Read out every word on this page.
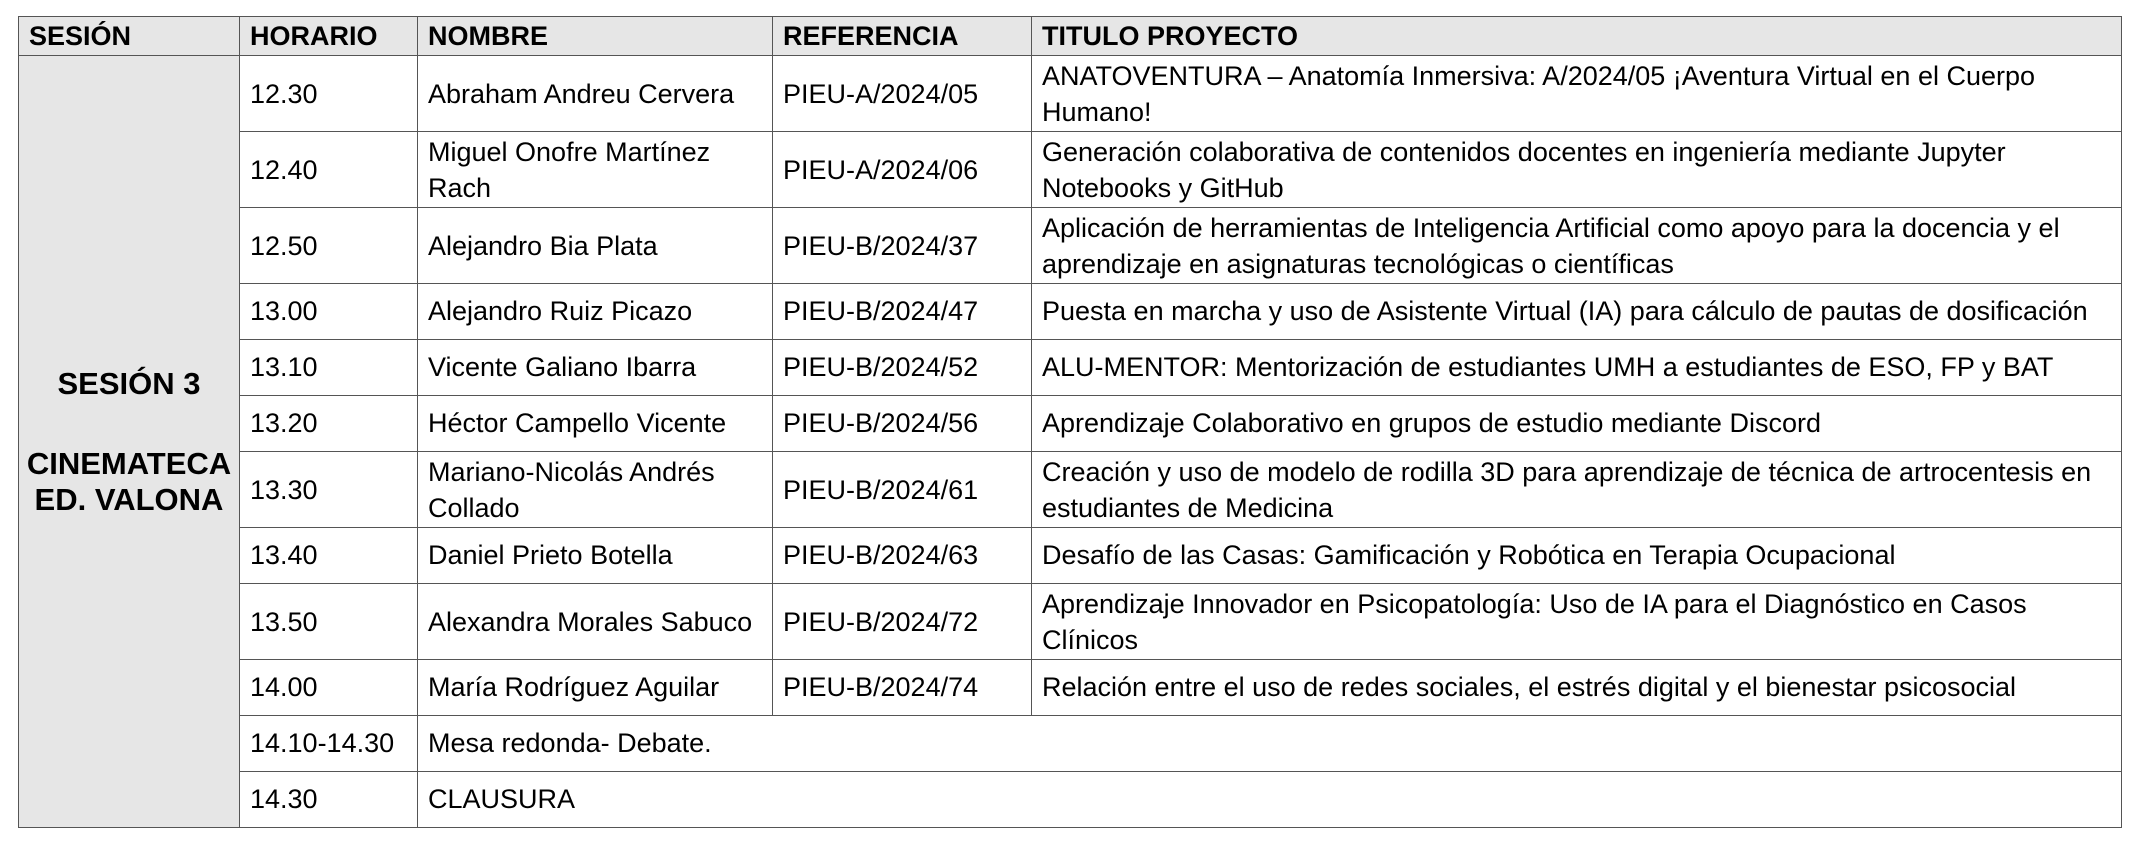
SESIÓN	HORARIO	NOMBRE	REFERENCIA	TITULO PROYECTO

SESIÓN 3
CINEMATECA
ED. VALONA	12.30	Abraham Andreu Cervera	PIEU-A/2024/05	ANATOVENTURA – Anatomía Inmersiva: A/2024/05 ¡Aventura Virtual en el Cuerpo Humano!
	12.40	Miguel Onofre Martínez Rach	PIEU-A/2024/06	Generación colaborativa de contenidos docentes en ingeniería mediante Jupyter Notebooks y GitHub
	12.50	Alejandro Bia Plata	PIEU-B/2024/37	Aplicación de herramientas de Inteligencia Artificial como apoyo para la docencia y el aprendizaje en asignaturas tecnológicas o científicas
	13.00	Alejandro Ruiz Picazo	PIEU-B/2024/47	Puesta en marcha y uso de Asistente Virtual (IA) para cálculo de pautas de dosificación
	13.10	Vicente Galiano Ibarra	PIEU-B/2024/52	ALU-MENTOR: Mentorización de estudiantes UMH a estudiantes de ESO, FP y BAT
	13.20	Héctor Campello Vicente	PIEU-B/2024/56	Aprendizaje Colaborativo en grupos de estudio mediante Discord
	13.30	Mariano-Nicolás Andrés Collado	PIEU-B/2024/61	Creación y uso de modelo de rodilla 3D para aprendizaje de técnica de artrocentesis en estudiantes de Medicina
	13.40	Daniel Prieto Botella	PIEU-B/2024/63	Desafío de las Casas: Gamificación y Robótica en Terapia Ocupacional
	13.50	Alexandra Morales Sabuco	PIEU-B/2024/72	Aprendizaje Innovador en Psicopatología: Uso de IA para el Diagnóstico en Casos Clínicos
	14.00	María Rodríguez Aguilar	PIEU-B/2024/74	Relación entre el uso de redes sociales, el estrés digital y el bienestar psicosocial
	14.10-14.30	Mesa redonda- Debate.		
	14.30	CLAUSURA		
